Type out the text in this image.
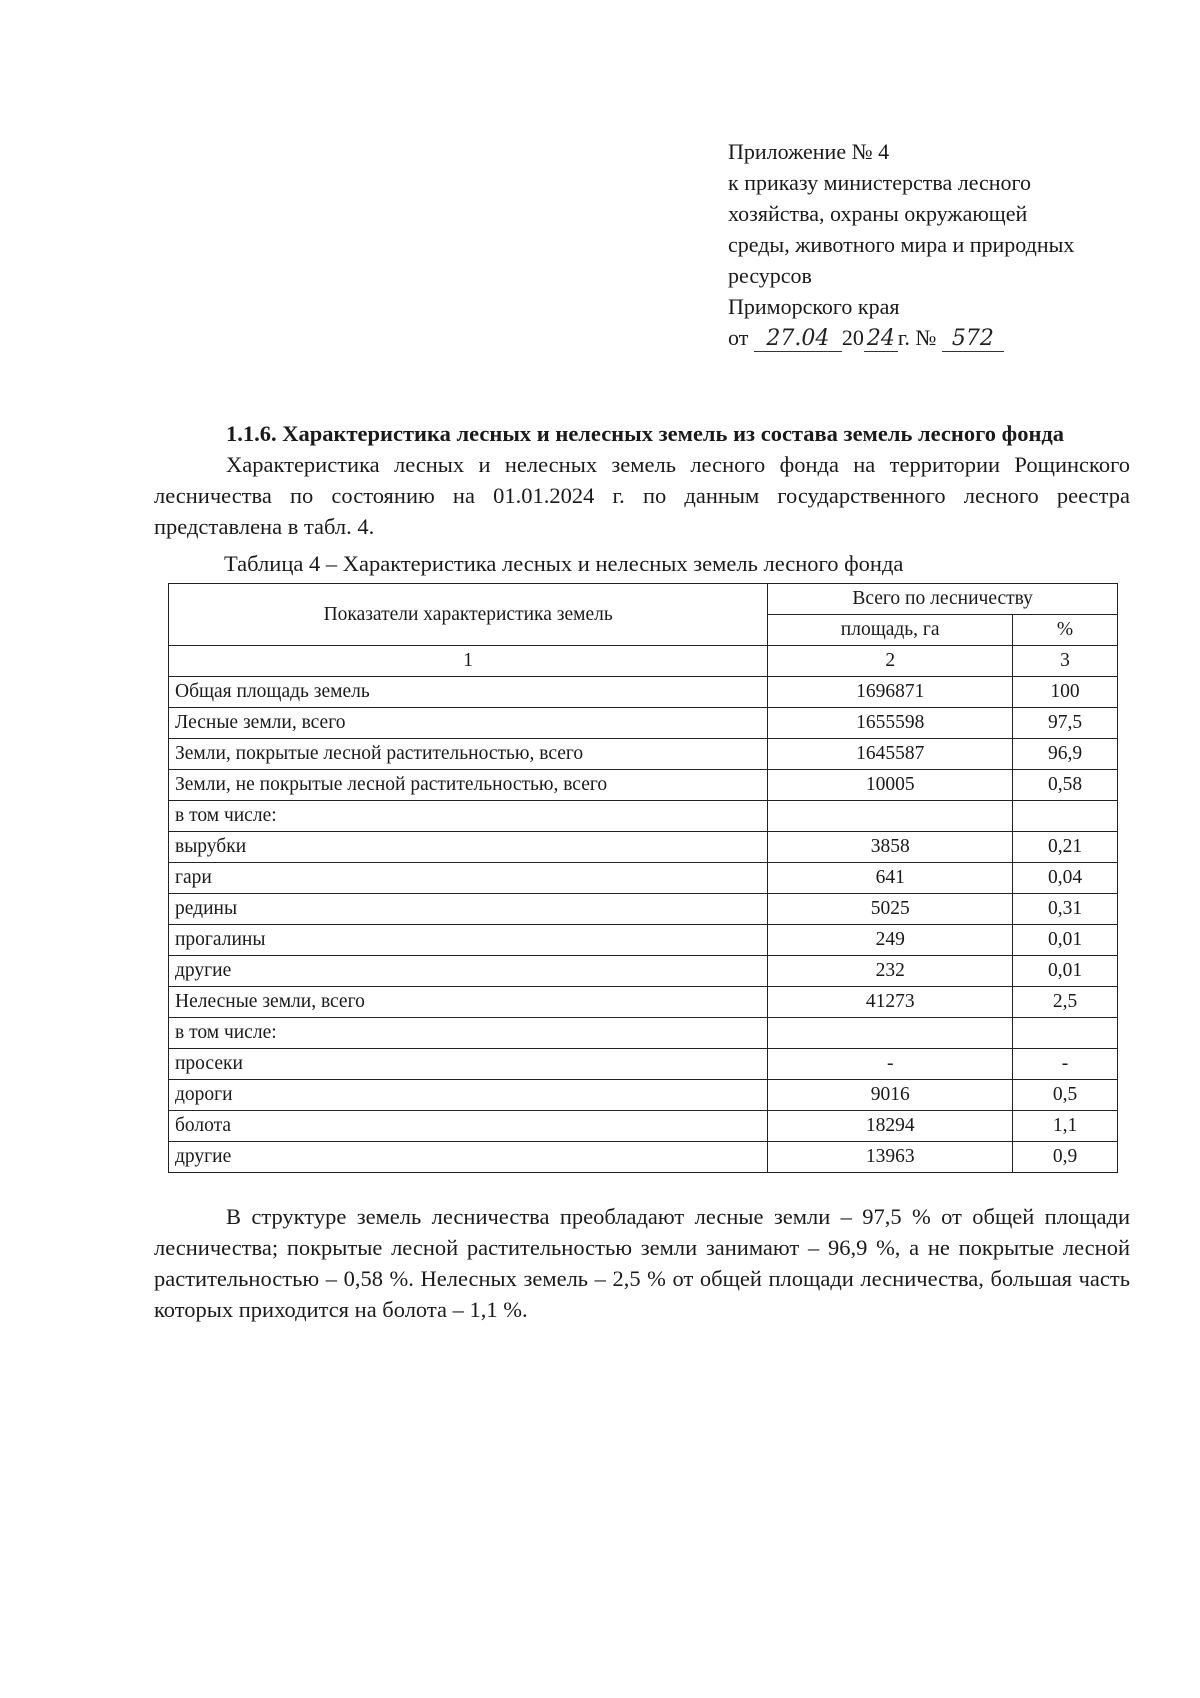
Приложение № 4
к приказу министерства лесного
хозяйства, охраны окружающей
среды, животного мира и природных
ресурсов
Приморского края
от 27.04 20 24 г. № 572

1.1.6. Характеристика лесных и нелесных земель из состава земель лесного фонда

Характеристика лесных и нелесных земель лесного фонда на территории Рощинского лесничества по состоянию на 01.01.2024 г. по данным государственного лесного реестра представлена в табл. 4.

Таблица 4 – Характеристика лесных и нелесных земель лесного фонда
Показатели характеристика земель	Всего по лесничеству	
	площадь, га	%
1	2	3
Общая площадь земель	1696871	100
Лесные земли, всего	1655598	97,5
Земли, покрытые лесной растительностью, всего	1645587	96,9
Земли, не покрытые лесной растительностью, всего	10005	0,58
в том числе:		
вырубки	3858	0,21
гари	641	0,04
редины	5025	0,31
прогалины	249	0,01
другие	232	0,01
Нелесные земли, всего	41273	2,5
в том числе:		
просеки	-	-
дороги	9016	0,5
болота	18294	1,1
другие	13963	0,9

В структуре земель лесничества преобладают лесные земли – 97,5 % от общей площади лесничества; покрытые лесной растительностью земли занимают – 96,9 %, а не покрытые лесной растительностью – 0,58 %. Нелесных земель – 2,5 % от общей площади лесничества, большая часть которых приходится на болота – 1,1 %.
